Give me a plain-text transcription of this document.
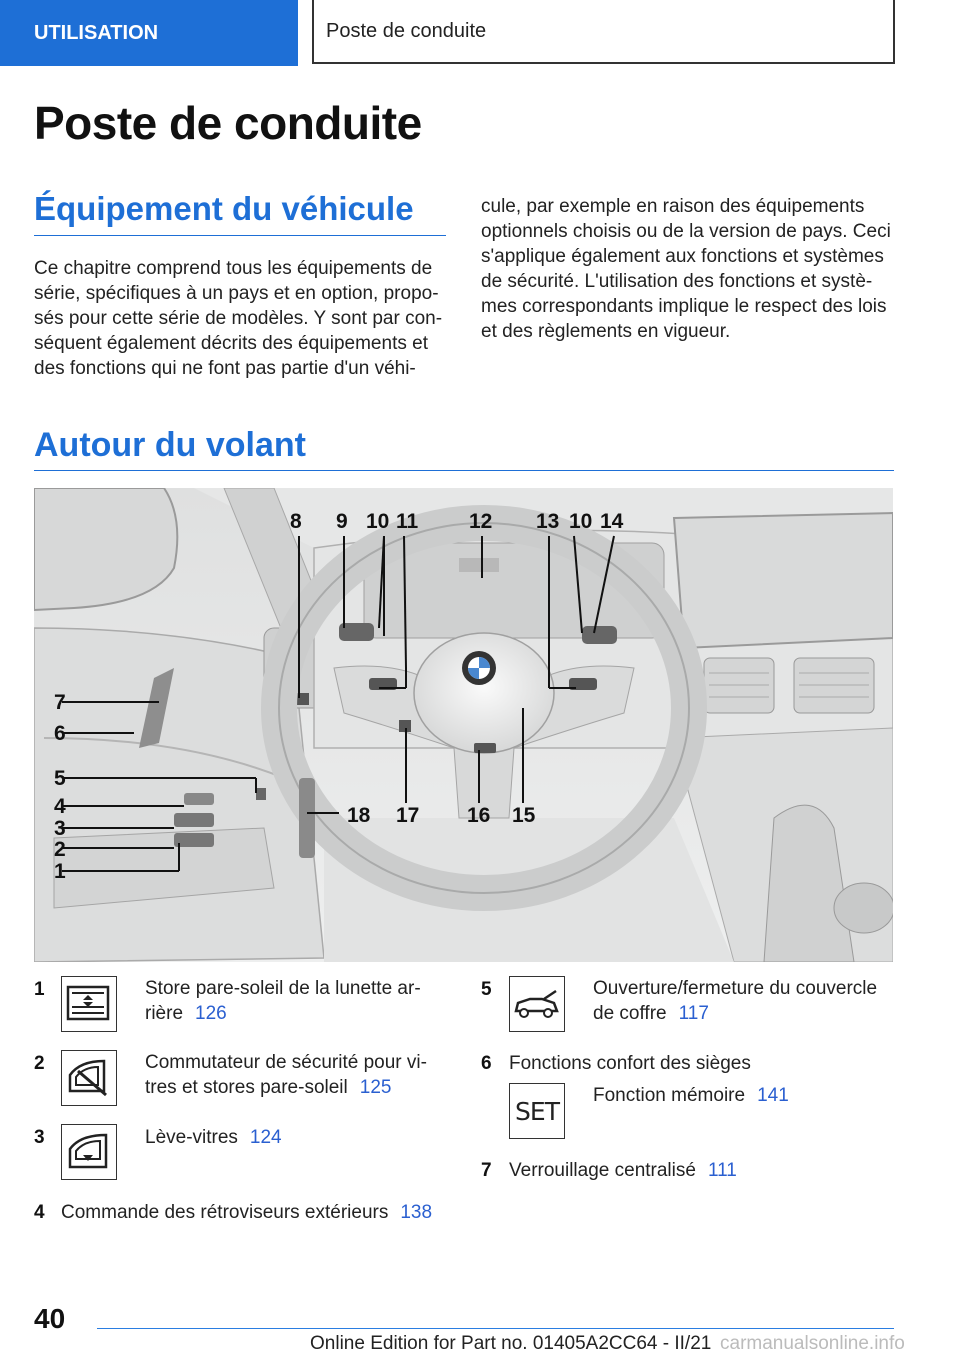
UTILISATION	Poste de conduite
Poste de conduite
Équipement du véhicule
Ce chapitre comprend tous les équipements de série, spécifiques à un pays et en option, propo-sés pour cette série de modèles. Y sont par con-séquent également décrits des équipements et des fonctions qui ne font pas partie d'un véhi-
cule, par exemple en raison des équipements optionnels choisis ou de la version de pays. Ceci s'applique également aux fonctions et systèmes de sécurité. L'utilisation des fonctions et systè-mes correspondants implique le respect des lois et des règlements en vigueur.
Autour du volant
8 9 10 11 12 13 10 14
15
16
17
18
7
6
5
4
3
2
1
1	Store pare-soleil de la lunette ar-rière 126
2	Commutateur de sécurité pour vi-tres et stores pare-soleil 125
3	Lève-vitres 124
4 Commande des rétroviseurs extérieurs 138
5	Ouverture/fermeture du couvercle de coffre 117
6 Fonctions confort des sièges
SET
Fonction mémoire 141
7 Verrouillage centralisé 111
40
Online Edition for Part no. 01405A2CC64 - II/21 carmanualsonline.info
